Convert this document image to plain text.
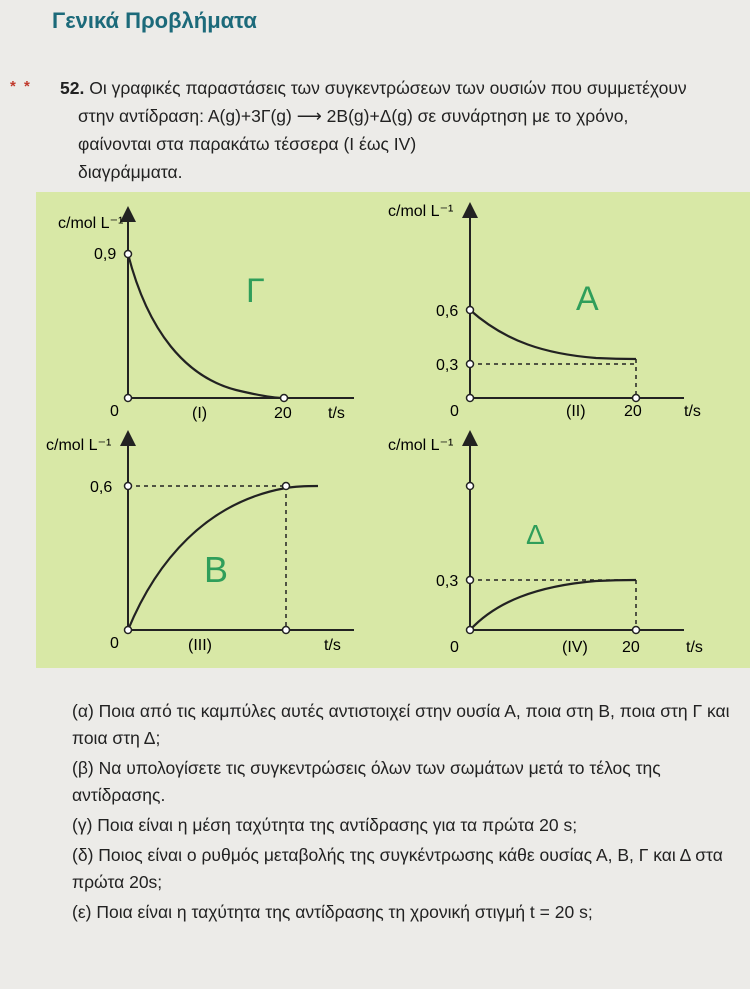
Γενικά Προβλήματα
* * 52. Οι γραφικές παραστάσεις των συγκεντρώσεων των ουσιών που συμμετέχουν
στην αντίδραση: Α(g)+3Γ(g) ⟶ 2Β(g)+Δ(g) σε συνάρτηση με το χρόνο,
φαίνονται στα παρακάτω τέσσερα (Ι έως IV)
διαγράμματα.
c/mol L⁻¹
0,9
0	(Ι)	20 t/s
Γ
c/mol L⁻¹
0,6
0,3
0	(ΙΙ) 20	t/s
Α
c/mol L⁻¹
0,6
0	(ΙΙΙ)	t/s
Β
c/mol L⁻¹
0,3
0	(IV) 20	t/s
Δ
(α) Ποια από τις καμπύλες αυτές αντιστοιχεί στην ουσία Α, ποια στη Β, ποια στη Γ και ποια στη Δ;
(β) Να υπολογίσετε τις συγκεντρώσεις όλων των σωμάτων μετά το τέλος της αντίδρασης.
(γ) Ποια είναι η μέση ταχύτητα της αντίδρασης για τα πρώτα 20 s;
(δ) Ποιος είναι ο ρυθμός μεταβολής της συγκέντρωσης κάθε ουσίας Α, Β, Γ και Δ στα πρώτα 20s;
(ε) Ποια είναι η ταχύτητα της αντίδρασης τη χρονική στιγμή t = 20 s;
